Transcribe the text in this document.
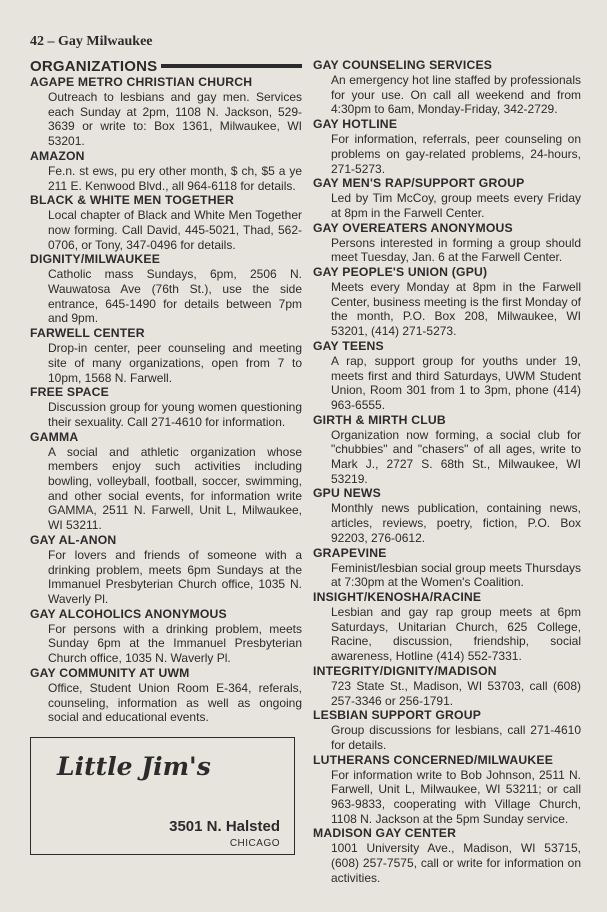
42 – Gay Milwaukee
ORGANIZATIONS
AGAPE METRO CHRISTIAN CHURCH
Outreach to lesbians and gay men. Services each Sunday at 2pm, 1108 N. Jackson, 529-3639 or write to: Box 1361, Milwaukee, WI 53201.
AMAZON
Fe.n. st ews, pu ery other month, $ ch, $5 a ye 211 E. Kenwood Blvd., all 964-6118 for details.
BLACK & WHITE MEN TOGETHER
Local chapter of Black and White Men Together now forming. Call David, 445-5021, Thad, 562-0706, or Tony, 347-0496 for details.
DIGNITY/MILWAUKEE
Catholic mass Sundays, 6pm, 2506 N. Wauwatosa Ave (76th St.), use the side entrance, 645-1490 for details between 7pm and 9pm.
FARWELL CENTER
Drop-in center, peer counseling and meeting site of many organizations, open from 7 to 10pm, 1568 N. Farwell.
FREE SPACE
Discussion group for young women questioning their sexuality. Call 271-4610 for information.
GAMMA
A social and athletic organization whose members enjoy such activities including bowling, volleyball, football, soccer, swimming, and other social events, for information write GAMMA, 2511 N. Farwell, Unit L, Milwaukee, WI 53211.
GAY AL-ANON
For lovers and friends of someone with a drinking problem, meets 6pm Sundays at the Immanuel Presbyterian Church office, 1035 N. Waverly Pl.
GAY ALCOHOLICS ANONYMOUS
For persons with a drinking problem, meets Sunday 6pm at the Immanuel Presbyterian Church office, 1035 N. Waverly Pl.
GAY COMMUNITY AT UWM
Office, Student Union Room E-364, referals, counseling, information as well as ongoing social and educational events.
GAY COUNSELING SERVICES
An emergency hot line staffed by professionals for your use. On call all weekend and from 4:30pm to 6am, Monday-Friday, 342-2729.
GAY HOTLINE
For information, referrals, peer counseling on problems on gay-related problems, 24-hours, 271-5273.
GAY MEN'S RAP/SUPPORT GROUP
Led by Tim McCoy, group meets every Friday at 8pm in the Farwell Center.
GAY OVEREATERS ANONYMOUS
Persons interested in forming a group should meet Tuesday, Jan. 6 at the Farwell Center.
GAY PEOPLE'S UNION (GPU)
Meets every Monday at 8pm in the Farwell Center, business meeting is the first Monday of the month, P.O. Box 208, Milwaukee, WI 53201, (414) 271-5273.
GAY TEENS
A rap, support group for youths under 19, meets first and third Saturdays, UWM Student Union, Room 301 from 1 to 3pm, phone (414) 963-6555.
GIRTH & MIRTH CLUB
Organization now forming, a social club for "chubbies" and "chasers" of all ages, write to Mark J., 2727 S. 68th St., Milwaukee, WI 53219.
GPU NEWS
Monthly news publication, containing news, articles, reviews, poetry, fiction, P.O. Box 92203, 276-0612.
GRAPEVINE
Feminist/lesbian social group meets Thursdays at 7:30pm at the Women's Coalition.
INSIGHT/KENOSHA/RACINE
Lesbian and gay rap group meets at 6pm Saturdays, Unitarian Church, 625 College, Racine, discussion, friendship, social awareness, Hotline (414) 552-7331.
INTEGRITY/DIGNITY/MADISON
723 State St., Madison, WI 53703, call (608) 257-3346 or 256-1791.
LESBIAN SUPPORT GROUP
Group discussions for lesbians, call 271-4610 for details.
LUTHERANS CONCERNED/MILWAUKEE
For information write to Bob Johnson, 2511 N. Farwell, Unit L, Milwaukee, WI 53211; or call 963-9833, cooperating with Village Church, 1108 N. Jackson at the 5pm Sunday service.
MADISON GAY CENTER
1001 University Ave., Madison, WI 53715, (608) 257-7575, call or write for information on activities.
Little Jim's
3501 N. Halsted
CHICAGO
